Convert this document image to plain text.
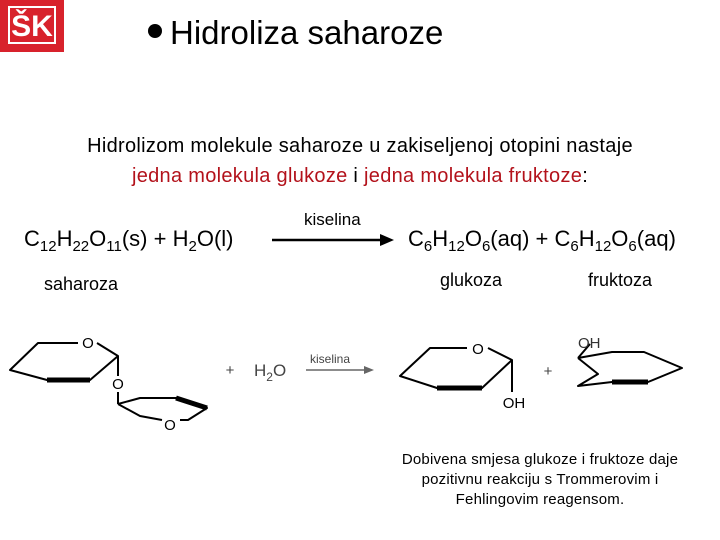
ŠK	Hidroliza saharoze
Hidrolizom molekule saharoze u zakiseljenoj otopini nastaje
jedna molekula glukoze i jedna molekula fruktoze:
$C_{12}H_{22}O_{11}(s) + H_2O(l)$
kiselina
$C_6H_{12}O_6(aq) + C_6H_{12}O_6(aq)$
saharoza	glukoza	fruktoza
O
O
O
+ $H_2O$
kiselina
O
OH
+
OH
Dobivena smjesa glukoze i fruktoze daje
pozitivnu reakciju s Trommerovim i
Fehlingovim reagensom.
